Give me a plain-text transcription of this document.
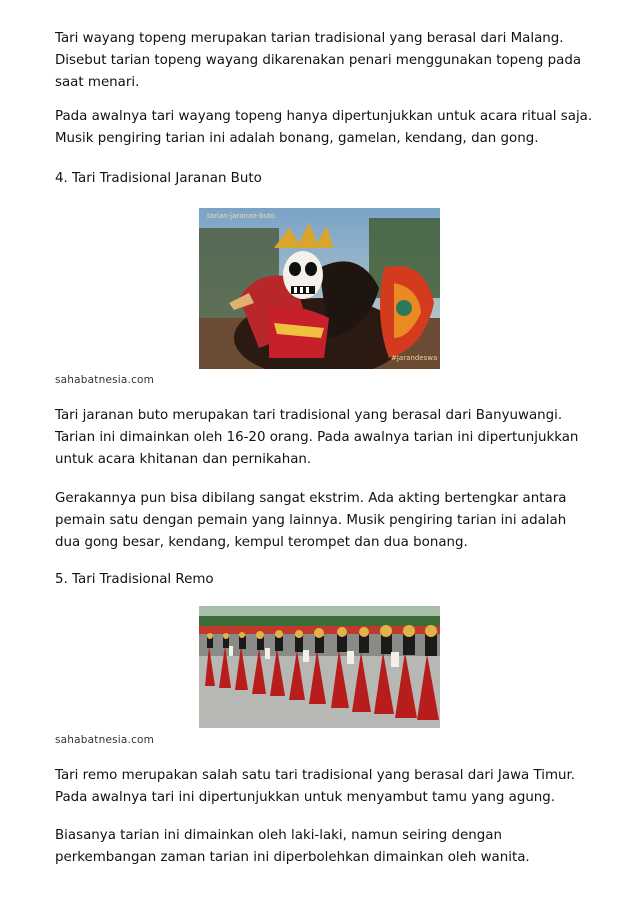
Tari wayang topeng merupakan tarian tradisional yang berasal dari Malang. Disebut tarian topeng wayang dikarenakan penari menggunakan topeng pada saat menari.

Pada awalnya tari wayang topeng hanya dipertunjukkan untuk acara ritual saja. Musik pengiring tarian ini adalah bonang, gamelan, kendang, dan gong.

4. Tari Tradisional Jaranan Buto

tarian-jaranan-buto
#Jarandeswa

sahabatnesia.com

Tari jaranan buto merupakan tari tradisional yang berasal dari Banyuwangi. Tarian ini dimainkan oleh 16-20 orang. Pada awalnya tarian ini dipertunjukkan untuk acara khitanan dan pernikahan.

Gerakannya pun bisa dibilang sangat ekstrim. Ada akting bertengkar antara pemain satu dengan pemain yang lainnya. Musik pengiring tarian ini adalah dua gong besar, kendang, kempul terompet dan dua bonang.

5. Tari Tradisional Remo

sahabatnesia.com

Tari remo merupakan salah satu tari tradisional yang berasal dari Jawa Timur. Pada awalnya tari ini dipertunjukkan untuk menyambut tamu yang agung.

Biasanya tarian ini dimainkan oleh laki-laki, namun seiring dengan perkembangan zaman tarian ini diperbolehkan dimainkan oleh wanita.
